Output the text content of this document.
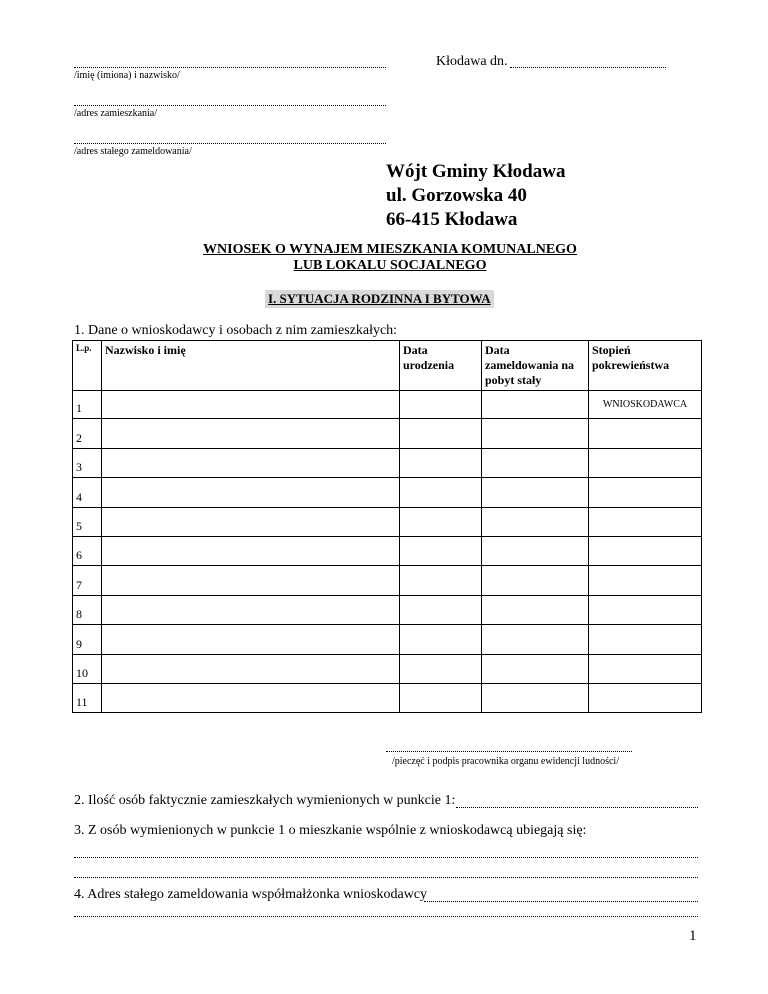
/imię (imiona) i nazwisko/
/adres zamieszkania/
/adres stałego zameldowania/
Kłodawa dn.
Wójt Gminy Kłodawa
ul. Gorzowska 40
66-415 Kłodawa
WNIOSEK O WYNAJEM MIESZKANIA KOMUNALNEGO
LUB LOKALU SOCJALNEGO
I. SYTUACJA RODZINNA I BYTOWA
1. Dane o wnioskodawcy i osobach z nim zamieszkałych:
L.p.	Nazwisko i imię	Data urodzenia	Data zameldowania na pobyt stały	Stopień pokrewieństwa
1				WNIOSKODAWCA
2				
3				
4				
5				
6				
7				
8				
9				
10				
11				
/pieczęć i podpis pracownika organu ewidencji ludności/
2. Ilość osób faktycznie zamieszkałych wymienionych w punkcie 1:
3. Z osób wymienionych w punkcie 1 o mieszkanie wspólnie z wnioskodawcą ubiegają się:
4. Adres stałego zameldowania współmałżonka wnioskodawcy
1
